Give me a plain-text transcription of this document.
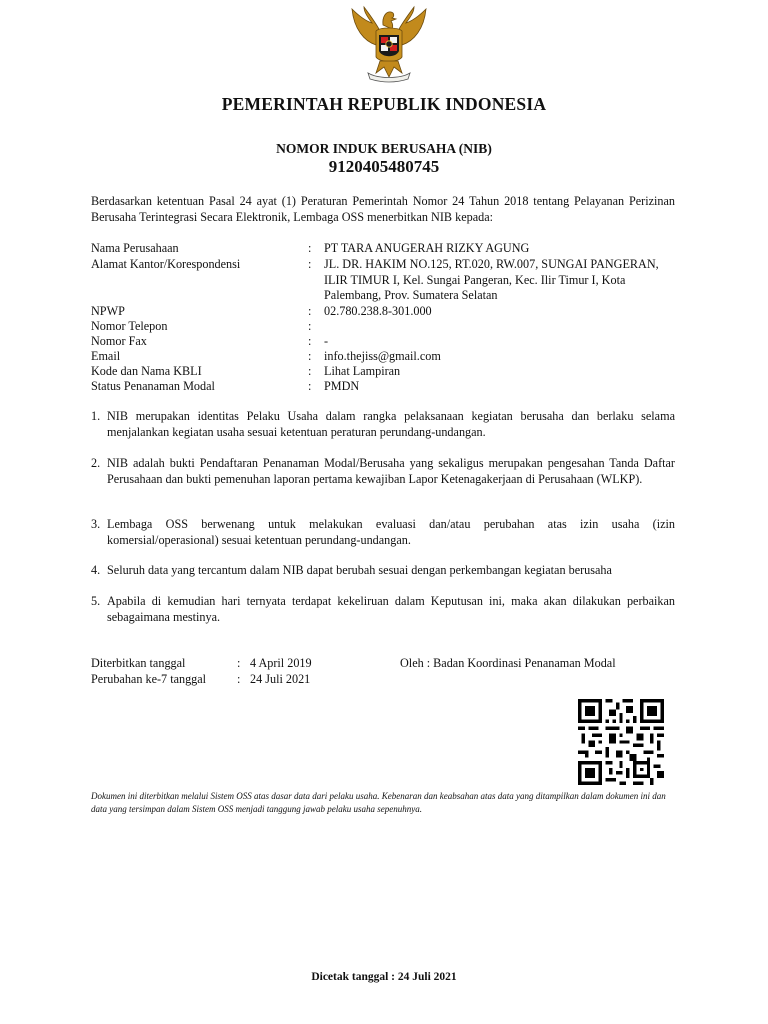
PEMERINTAH REPUBLIK INDONESIA
NOMOR INDUK BERUSAHA (NIB)
9120405480745
Berdasarkan ketentuan Pasal 24 ayat (1) Peraturan Pemerintah Nomor 24 Tahun 2018 tentang Pelayanan Perizinan Berusaha Terintegrasi Secara Elektronik, Lembaga OSS menerbitkan NIB kepada:
Nama Perusahaan	: PT TARA ANUGERAH RIZKY AGUNG
Alamat Kantor/Korespondensi	: JL. DR. HAKIM NO.125, RT.020, RW.007, SUNGAI PANGERAN, ILIR TIMUR I, Kel. Sungai Pangeran, Kec. Ilir Timur I, Kota Palembang, Prov. Sumatera Selatan
NPWP	: 02.780.238.8-301.000
Nomor Telepon	:
Nomor Fax	: -
Email	: info.thejiss@gmail.com
Kode dan Nama KBLI	: Lihat Lampiran
Status Penanaman Modal	: PMDN
1. NIB merupakan identitas Pelaku Usaha dalam rangka pelaksanaan kegiatan berusaha dan berlaku selama menjalankan kegiatan usaha sesuai ketentuan peraturan perundang-undangan.
2. NIB adalah bukti Pendaftaran Penanaman Modal/Berusaha yang sekaligus merupakan pengesahan Tanda Daftar Perusahaan dan bukti pemenuhan laporan pertama kewajiban Lapor Ketenagakerjaan di Perusahaan (WLKP).
3. Lembaga OSS berwenang untuk melakukan evaluasi dan/atau perubahan atas izin usaha (izin komersial/operasional) sesuai ketentuan perundang-undangan.
4. Seluruh data yang tercantum dalam NIB dapat berubah sesuai dengan perkembangan kegiatan berusaha
5. Apabila di kemudian hari ternyata terdapat kekeliruan dalam Keputusan ini, maka akan dilakukan perbaikan sebagaimana mestinya.
Diterbitkan tanggal	: 4 April 2019
Perubahan ke-7 tanggal	: 24 Juli 2021
Oleh : Badan Koordinasi Penanaman Modal
Dokumen ini diterbitkan melalui Sistem OSS atas dasar data dari pelaku usaha. Kebenaran dan keabsahan atas data yang ditampilkan dalam dokumen ini dan data yang tersimpan dalam Sistem OSS menjadi tanggung jawab pelaku usaha sepenuhnya.
Dicetak tanggal : 24 Juli 2021
